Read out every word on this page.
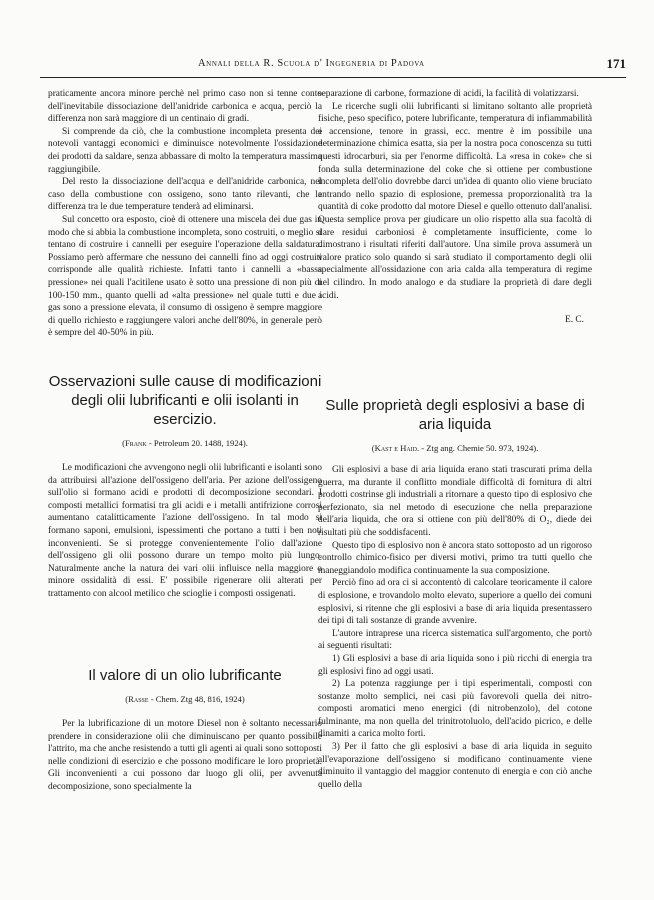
Annali della R. Scuola d' Ingegneria di Padova	171

praticamente ancora minore perchè nel primo caso non si tenne conto dell'inevitabile dissociazione dell'anidride carbonica e acqua, perciò la differenza non sarà maggiore di un centinaio di gradi.

Si comprende da ciò, che la combustione incompleta presenta dei notevoli vantaggi economici e diminuisce notevolmente l'ossidazione dei prodotti da saldare, senza abbassare di molto la temperatura massima raggiungibile.

Del resto la dissociazione dell'acqua e dell'anidride carbonica, nel caso della combustione con ossigeno, sono tanto rilevanti, che la differenza tra le due temperature tenderà ad eliminarsi.

Sul concetto ora esposto, cioè di ottenere una miscela dei due gas in modo che si abbia la combustione incompleta, sono costruiti, o meglio si tentano di costruire i cannelli per eseguire l'operazione della saldatura. Possiamo però affermare che nessuno dei cannelli fino ad oggi costruiti corrisponde alle qualità richieste. Infatti tanto i cannelli a «bassa pressione» nei quali l'acitilene usato è sotto una pressione di non più di 100-150 mm., quanto quelli ad «alta pressione» nel quale tutti e due i gas sono a pressione elevata, il consumo di ossigeno è sempre maggiore di quello richiesto e raggiungere valori anche dell'80%, in generale però è sempre del 40-50% in più.

separazione di carbone, formazione di acidi, la facilità di volatizzarsi.

Le ricerche sugli olii lubrificanti si limitano soltanto alle proprietà fisiche, peso specifico, potere lubrificante, temperatura di infiammabilità e accensione, tenore in grassi, ecc. mentre è im possibile una determinazione chimica esatta, sia per la nostra poca conoscenza su tutti questi idrocarburi, sia per l'enorme difficoltà. La «resa in coke» che si fonda sulla determinazione del coke che si ottiene per combustione incompleta dell'olio dovrebbe darci un'idea di quanto olio viene bruciato entrando nello spazio di esplosione, premessa proporzionalità tra la quantità di coke prodotto dal motore Diesel e quello ottenuto dall'analisi. Questa semplice prova per giudicare un olio rispetto alla sua facoltà di dare residui carboniosi è completamente insufficiente, come lo dimostrano i risultati riferiti dall'autore. Una simile prova assumerà un valore pratico solo quando si sarà studiato il comportamento degli olii specialmente all'ossidazione con aria calda alla temperatura di regime nel cilindro. In modo analogo e da studiare la proprietà di dare degli acidi.

E. C.

Osservazioni sulle cause di modificazioni degli olii lubrificanti e olii isolanti in esercizio.

(Frank - Petroleum 20. 1488, 1924).

Le modificazioni che avvengono negli olii lubrificanti e isolanti sono da attribuirsi all'azione dell'ossigeno dell'aria. Per azione dell'ossigeno sull'olio si formano acidi e prodotti di decomposizione secondari. I composti metallici formatisi tra gli acidi e i metalli antifrizione corrosi aumentano catalitticamente l'azione dell'ossigeno. In tal modo si formano saponi, emulsioni, ispessimenti che portano a tutti i ben noti inconvenienti. Se si protegge convenientemente l'olio dall'azione dell'ossigeno gli olii possono durare un tempo molto più lungo. Naturalmente anche la natura dei vari olii influisce nella maggiore o minore ossidalità di essi. E' possibile rigenerare olii alterati per trattamento con alcool metilico che scioglie i composti ossigenati.

Il valore di un olio lubrificante

(Rasse - Chem. Ztg 48, 816, 1924)

Per la lubrificazione di un motore Diesel non è soltanto necessario prendere in considerazione olii che diminuiscano per quanto possibile l'attrito, ma che anche resistendo a tutti gli agenti ai quali sono sottoposti nelle condizioni di esercizio e che possono modificare le loro proprietà. Gli inconvenienti a cui possono dar luogo gli olii, per avvenuta decomposizione, sono specialmente la

Sulle proprietà degli esplosivi a base di aria liquida

(Kast e Haid. - Ztg ang. Chemie 50. 973, 1924).

Gli esplosivi a base di aria liquida erano stati trascurati prima della guerra, ma durante il conflitto mondiale difficoltà di fornitura di altri prodotti costrinse gli industriali a ritornare a questo tipo di esplosivo che perfezionato, sia nel metodo di esecuzione che nella preparazione dell'aria liquida, che ora si ottiene con più dell'80% di O₂, diede dei risultati più che soddisfacenti.

Questo tipo di esplosivo non è ancora stato sottoposto ad un rigoroso controllo chimico-fisico per diversi motivi, primo tra tutti quello che maneggiandolo modifica continuamente la sua composizione.

Perciò fino ad ora ci si accontentò di calcolare teoricamente il calore di esplosione, e trovandolo molto elevato, superiore a quello dei comuni esplosivi, si ritenne che gli esplosivi a base di aria liquida presentassero dei tipi di tali sostanze di grande avvenire.

L'autore intraprese una ricerca sistematica sull'argomento, che portò ai seguenti risultati:

1) Gli esplosivi a base di aria liquida sono i più ricchi di energia tra gli esplosivi fino ad oggi usati.

2) La potenza raggiunge per i tipi esperimentali, composti con sostanze molto semplici, nei casi più favorevoli quella dei nitro-composti aromatici meno energici (di nitrobenzolo), del cotone fulminante, ma non quella del trinitrotoluolo, dell'acido picrico, e delle dinamiti a carica molto forti.

3) Per il fatto che gli esplosivi a base di aria liquida in seguito all'evaporazione dell'ossigeno si modificano continuamente viene diminuito il vantaggio del maggior contenuto di energia e con ciò anche quello della
